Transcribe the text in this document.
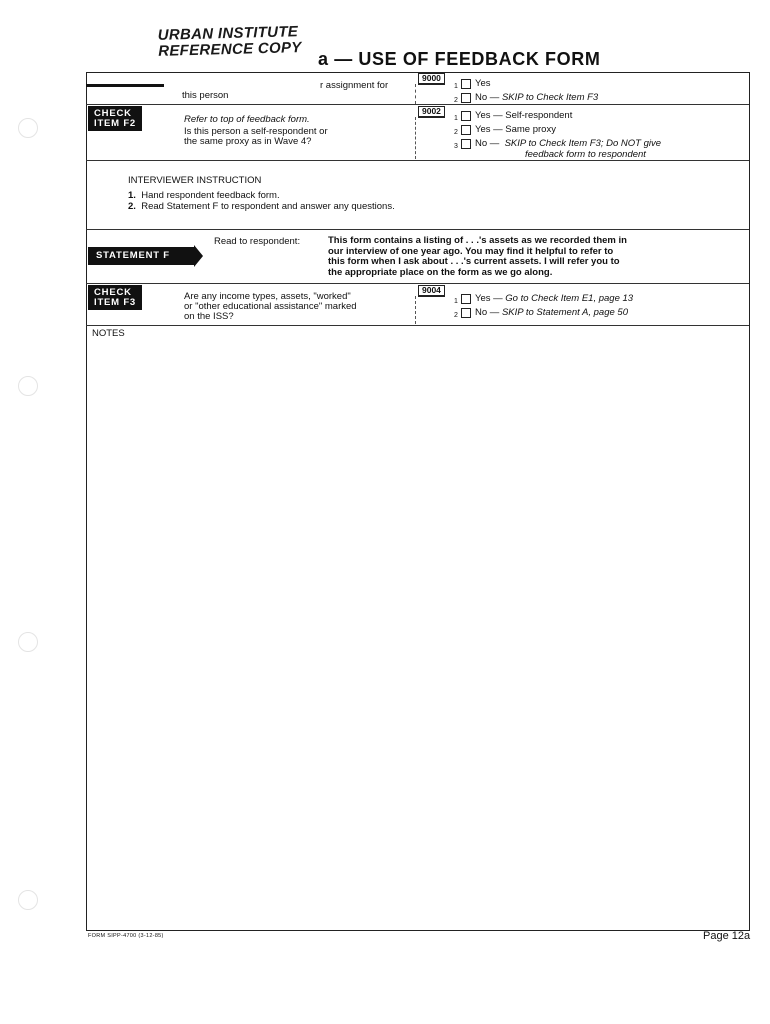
URBAN INSTITUTE
REFERENCE COPY a — USE OF FEEDBACK FORM
r assignment for
this person
9000
1 Yes
2 No —
SKIP to Check Item F3
CHECK
ITEM F2	Refer to top of feedback form.
Is this person a self-respondent or
the same proxy as in Wave 4?
9002
1 Yes — Self-respondent
2 Yes — Same proxy
3 No —  SKIP to Check Item F3; Do NOT give
feedback form to respondent
INTERVIEWER INSTRUCTION
1. Hand respondent feedback form.
2. Read Statement F to respondent and answer any questions.
STATEMENT F
Read to respondent:	This form contains a listing of . . .'s assets as we recorded them in
our interview of one year ago. You may find it helpful to refer to
this form when I ask about . . .'s current assets. I will refer you to
the appropriate place on the form as we go along.
CHECK
ITEM F3
Are any income types, assets, "worked"
or "other educational assistance" marked
on the ISS?
9004
1 Yes —
Go to Check Item E1, page 13
2 No —
SKIP to Statement A, page 50
NOTES
FORM SIPP-4700 (3-12-85)	Page 12a
